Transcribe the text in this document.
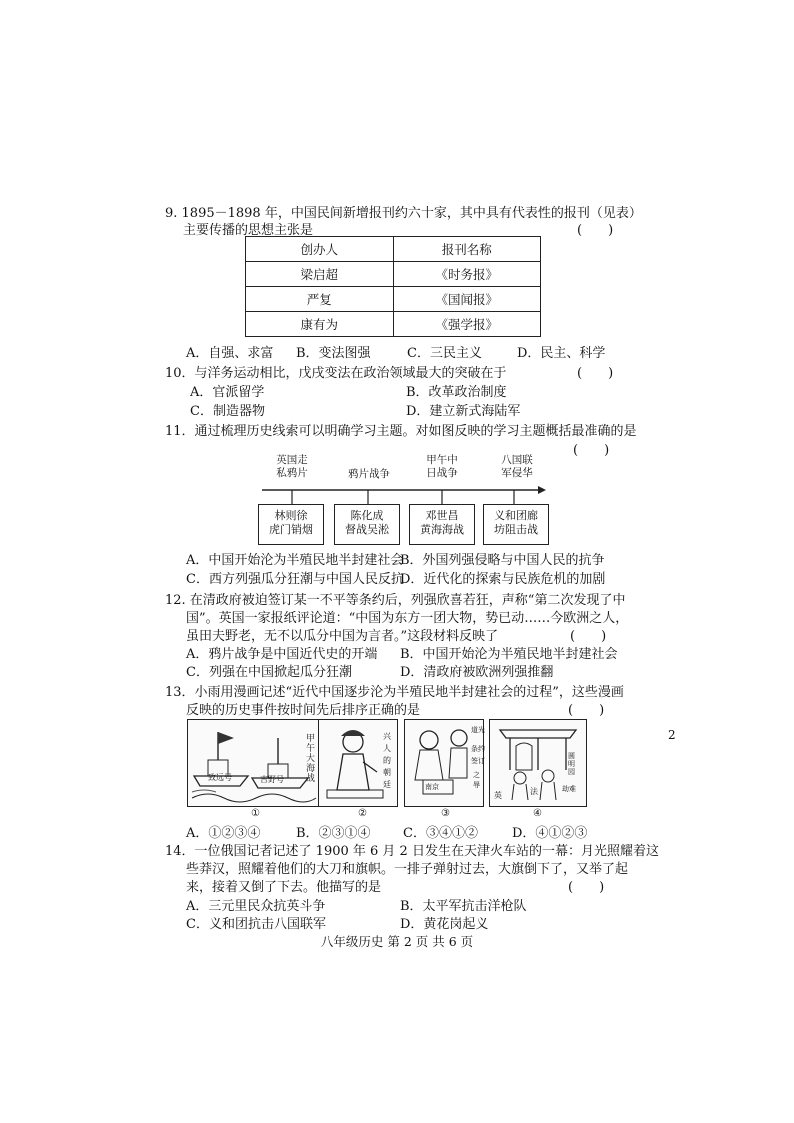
9. 1895－1898 年，中国民间新增报刊约六十家，其中具有代表性的报刊（见表）
主要传播的思想主张是	(　　)
创办人	报刊名称
梁启超	《时务报》
严复	《国闻报》
康有为	《强学报》
A．自强、求富 B．变法图强	C．三民主义	D．民主、科学
10．与洋务运动相比，戊戌变法在政治领域最大的突破在于	(　　)
A．官派留学	B．改革政治制度
C．制造器物	D．建立新式海陆军
11．通过梳理历史线索可以明确学习主题。对如图反映的学习主题概括最准确的是
(　　)
英国走
私鸦片	鸦片战争
甲午中
日战争
八国联
军侵华
林则徐
虎门销烟
陈化成
督战吴淞
邓世昌
黄海海战
义和团廊
坊阻击战
A．中国开始沦为半殖民地半封建社会
B．外国列强侵略与中国人民的抗争
C．西方列强瓜分狂潮与中国人民反抗
D．近代化的探索与民族危机的加剧
12. 在清政府被迫签订某一不平等条约后，列强欣喜若狂，声称“第二次发现了中
国”。英国一家报纸评论道：“中国为东方一团大物，势已动……今欧洲之人，
虽田夫野老，无不以瓜分中国为言者。”这段材料反映了	(　　)
A．鸦片战争是中国近代史的开端 B．中国开始沦为半殖民地半封建社会
C．列强在中国掀起瓜分狂潮	D．清政府被欧洲列强推翻
13．小雨用漫画记述“近代中国逐步沦为半殖民地半封建社会的过程”，这些漫画
反映的历史事件按时间先后排序正确的是	(　　)
2
致远号	吉野号
甲午大海战
①
兴
人
的
朝
廷
②
南京
道光
条约
签订
之
辱
③
英	法
圆明园
劫难
④
A．①②③④	B．②③①④ C．③④①②	D．④①②③
14．一位俄国记者记述了 1900 年 6 月 2 日发生在天津火车站的一幕：月光照耀着这
些莽汉，照耀着他们的大刀和旗帜。一排子弹射过去，大旗倒下了，又举了起
来，接着又倒了下去。他描写的是	(　　)
A．三元里民众抗英斗争	B．太平军抗击洋枪队
C．义和团抗击八国联军	D．黄花岗起义
八年级历史 第 2 页 共 6 页
